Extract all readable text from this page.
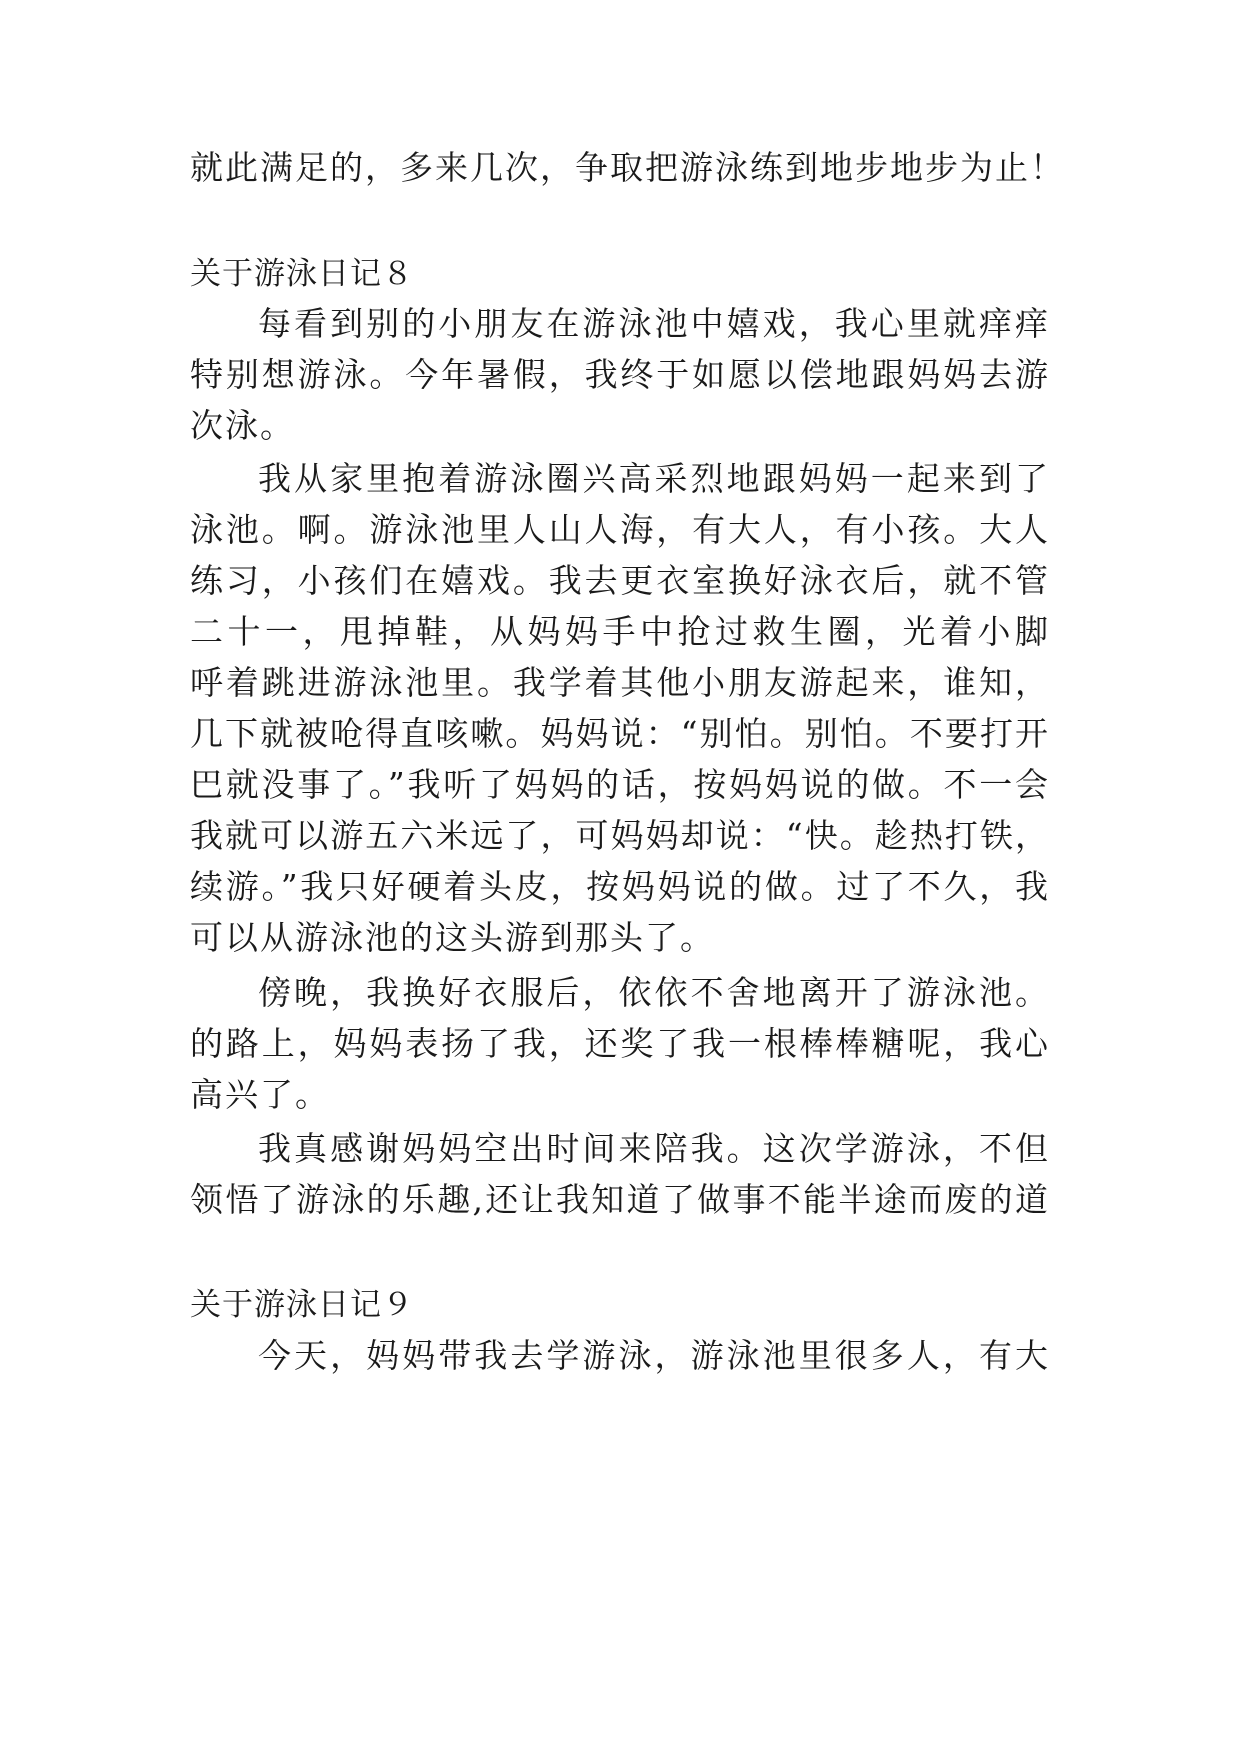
就此满足的，多来几次，争取把游泳练到地步地步为止！
关于游泳日记８
每看到别的小朋友在游泳池中嬉戏，我心里就痒痒
特别想游泳。今年暑假，我终于如愿以偿地跟妈妈去游
次泳。
我从家里抱着游泳圈兴高采烈地跟妈妈一起来到了
泳池。啊。游泳池里人山人海，有大人，有小孩。大人
练习，小孩们在嬉戏。我去更衣室换好泳衣后，就不管
二十一，甩掉鞋，从妈妈手中抢过救生圈，光着小脚
呼着跳进游泳池里。我学着其他小朋友游起来，谁知，
几下就被呛得直咳嗽。妈妈说：“别怕。别怕。不要打开
巴就没事了。”我听了妈妈的话，按妈妈说的做。不一会
我就可以游五六米远了，可妈妈却说：“快。趁热打铁，
续游。”我只好硬着头皮，按妈妈说的做。过了不久，我
可以从游泳池的这头游到那头了。
傍晚，我换好衣服后，依依不舍地离开了游泳池。
的路上，妈妈表扬了我，还奖了我一根棒棒糖呢，我心
高兴了。
我真感谢妈妈空出时间来陪我。这次学游泳，不但
领悟了游泳的乐趣,还让我知道了做事不能半途而废的道
关于游泳日记９
今天，妈妈带我去学游泳，游泳池里很多人，有大
